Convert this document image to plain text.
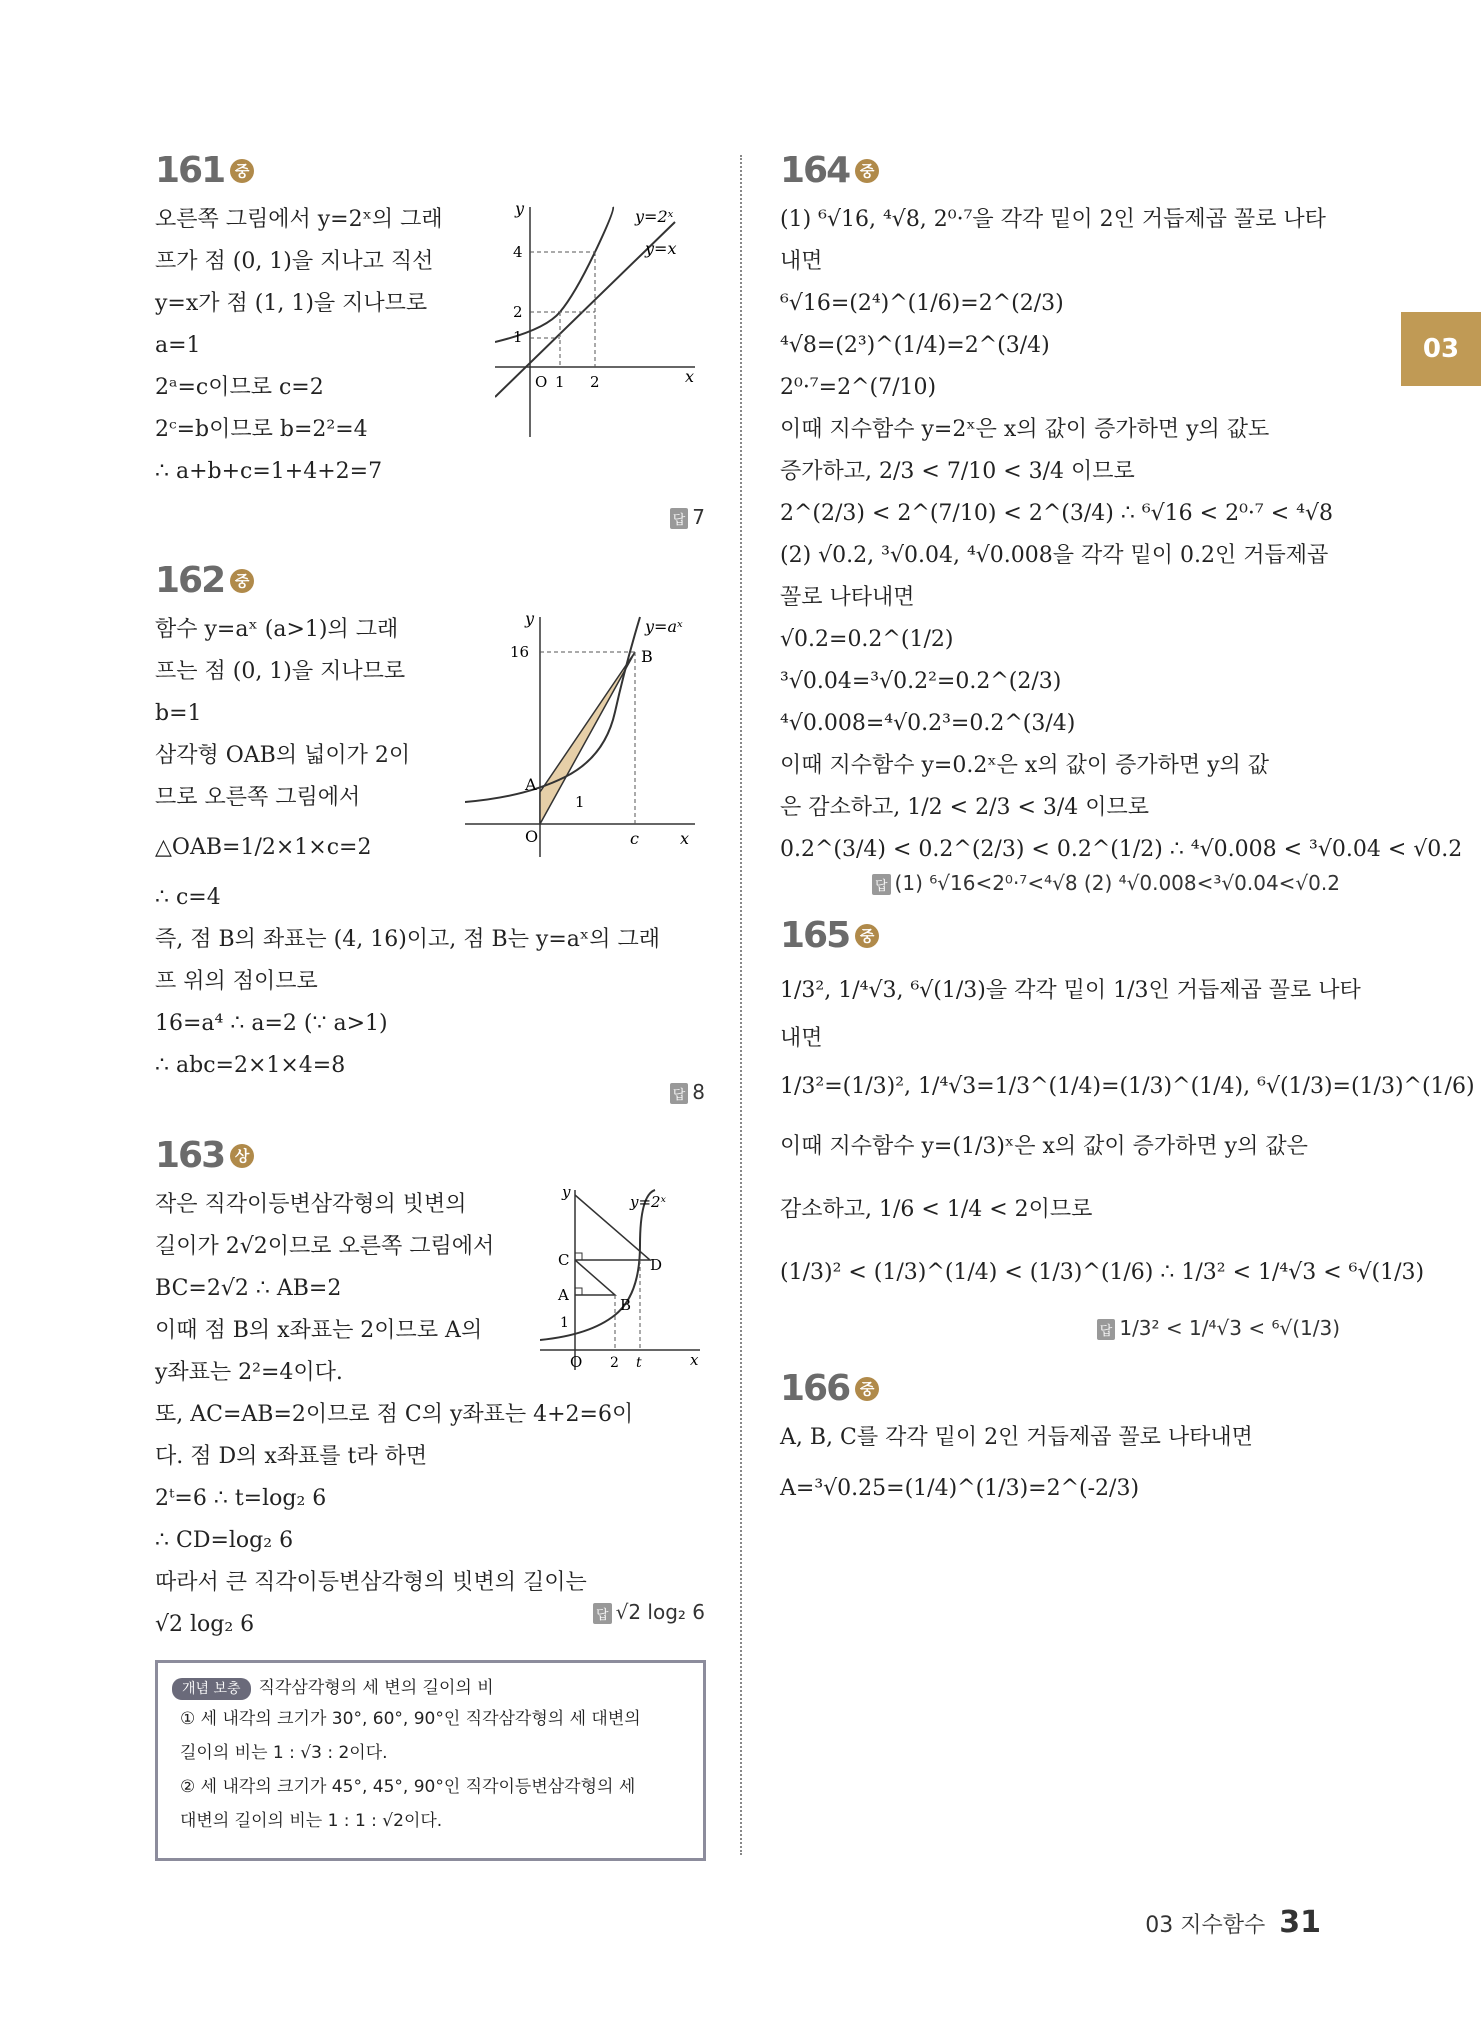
03
161 중
오른쪽 그림에서 y=2ˣ의 그래
프가 점 (0, 1)을 지나고 직선
y=x가 점 (1, 1)을 지나므로
a=1
2ᵃ=c이므로 c=2
2ᶜ=b이므로 b=2²=4
∴ a+b+c=1+4+2=7
답 7
y=2ˣ
y=x
4
2
1
O 1 2	x
y
162 중
함수 y=aˣ (a>1)의 그래
프는 점 (0, 1)을 지나므로
b=1
삼각형 OAB의 넓이가 2이
므로 오른쪽 그림에서
△OAB=1/2×1×c=2
∴ c=4
즉, 점 B의 좌표는 (4, 16)이고, 점 B는 y=aˣ의 그래
프 위의 점이므로
16=a⁴ ∴ a=2 (∵ a>1)
∴ abc=2×1×4=8
답 8
y=aˣ
16	B
A
1
O	c	x
y
163 상
작은 직각이등변삼각형의 빗변의
길이가 2√2이므로 오른쪽 그림에서
BC=2√2 ∴ AB=2
이때 점 B의 x좌표는 2이므로 A의
y좌표는 2²=4이다.
또, AC=AB=2이므로 점 C의 y좌표는 4+2=6이
다. 점 D의 x좌표를 t라 하면
2ᵗ=6 ∴ t=log₂ 6
∴ CD=log₂ 6
따라서 큰 직각이등변삼각형의 빗변의 길이는
√2 log₂ 6	답 √2 log₂ 6
y=2ˣ
C
A
D
B
1
O 2 t	x
y
개념 보충 직각삼각형의 세 변의 길이의 비
① 세 내각의 크기가 30°, 60°, 90°인 직각삼각형의 세 대변의
길이의 비는 1 : √3 : 2이다.
② 세 내각의 크기가 45°, 45°, 90°인 직각이등변삼각형의 세
대변의 길이의 비는 1 : 1 : √2이다.
164 중
(1) ⁶√16, ⁴√8, 2⁰·⁷을 각각 밑이 2인 거듭제곱 꼴로 나타
내면
⁶√16=(2⁴)^(1/6)=2^(2/3)
⁴√8=(2³)^(1/4)=2^(3/4)
2⁰·⁷=2^(7/10)
이때 지수함수 y=2ˣ은 x의 값이 증가하면 y의 값도
증가하고, 2/3 < 7/10 < 3/4 이므로
2^(2/3) < 2^(7/10) < 2^(3/4) ∴ ⁶√16 < 2⁰·⁷ < ⁴√8
(2) √0.2, ³√0.04, ⁴√0.008을 각각 밑이 0.2인 거듭제곱
꼴로 나타내면
√0.2=0.2^(1/2)
³√0.04=³√0.2²=0.2^(2/3)
⁴√0.008=⁴√0.2³=0.2^(3/4)
이때 지수함수 y=0.2ˣ은 x의 값이 증가하면 y의 값
은 감소하고, 1/2 < 2/3 < 3/4 이므로
0.2^(3/4) < 0.2^(2/3) < 0.2^(1/2) ∴ ⁴√0.008 < ³√0.04 < √0.2
답 (1) ⁶√16<2⁰·⁷<⁴√8 (2) ⁴√0.008<³√0.04<√0.2
165 중
1/3², 1/⁴√3, ⁶√(1/3)을 각각 밑이 1/3인 거듭제곱 꼴로 나타
내면
1/3²=(1/3)², 1/⁴√3=1/3^(1/4)=(1/3)^(1/4), ⁶√(1/3)=(1/3)^(1/6)
이때 지수함수 y=(1/3)ˣ은 x의 값이 증가하면 y의 값은
감소하고, 1/6 < 1/4 < 2이므로
(1/3)² < (1/3)^(1/4) < (1/3)^(1/6) ∴ 1/3² < 1/⁴√3 < ⁶√(1/3)
답 1/3² < 1/⁴√3 < ⁶√(1/3)
166 중
A, B, C를 각각 밑이 2인 거듭제곱 꼴로 나타내면
A=³√0.25=(1/4)^(1/3)=2^(-2/3)
03 지수함수 31
